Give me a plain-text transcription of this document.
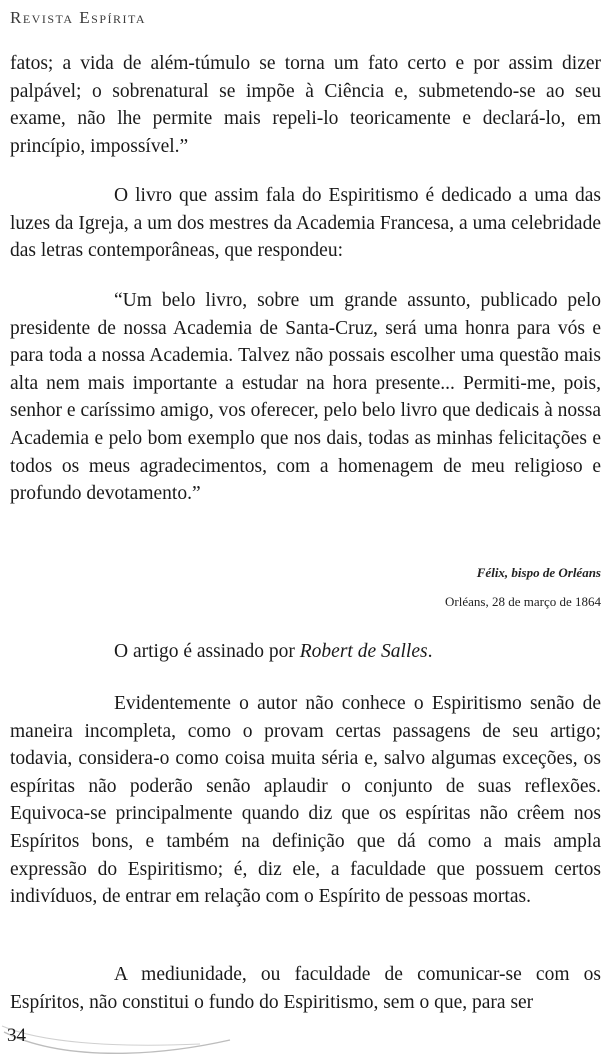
Revista Espírita

fatos; a vida de além-túmulo se torna um fato certo e por assim dizer palpável; o sobrenatural se impõe à Ciência e, submetendo-se ao seu exame, não lhe permite mais repeli-lo teoricamente e declará-lo, em princípio, impossível.”

O livro que assim fala do Espiritismo é dedicado a uma das luzes da Igreja, a um dos mestres da Academia Francesa, a uma celebridade das letras contemporâneas, que respondeu:

“Um belo livro, sobre um grande assunto, publicado pelo presidente de nossa Academia de Santa-Cruz, será uma honra para vós e para toda a nossa Academia. Talvez não possais escolher uma questão mais alta nem mais importante a estudar na hora presente... Permiti-me, pois, senhor e caríssimo amigo, vos oferecer, pelo belo livro que dedicais à nossa Academia e pelo bom exemplo que nos dais, todas as minhas felicitações e todos os meus agradecimentos, com a homenagem de meu religioso e profundo devotamento.”

Félix, bispo de Orléans
Orléans, 28 de março de 1864

O artigo é assinado por Robert de Salles.

Evidentemente o autor não conhece o Espiritismo senão de maneira incompleta, como o provam certas passagens de seu artigo; todavia, considera-o como coisa muita séria e, salvo algumas exceções, os espíritas não poderão senão aplaudir o conjunto de suas reflexões. Equivoca-se principalmente quando diz que os espíritas não crêem nos Espíritos bons, e também na definição que dá como a mais ampla expressão do Espiritismo; é, diz ele, a faculdade que possuem certos indivíduos, de entrar em relação com o Espírito de pessoas mortas.

A mediunidade, ou faculdade de comunicar-se com os Espíritos, não constitui o fundo do Espiritismo, sem o que, para ser

34
